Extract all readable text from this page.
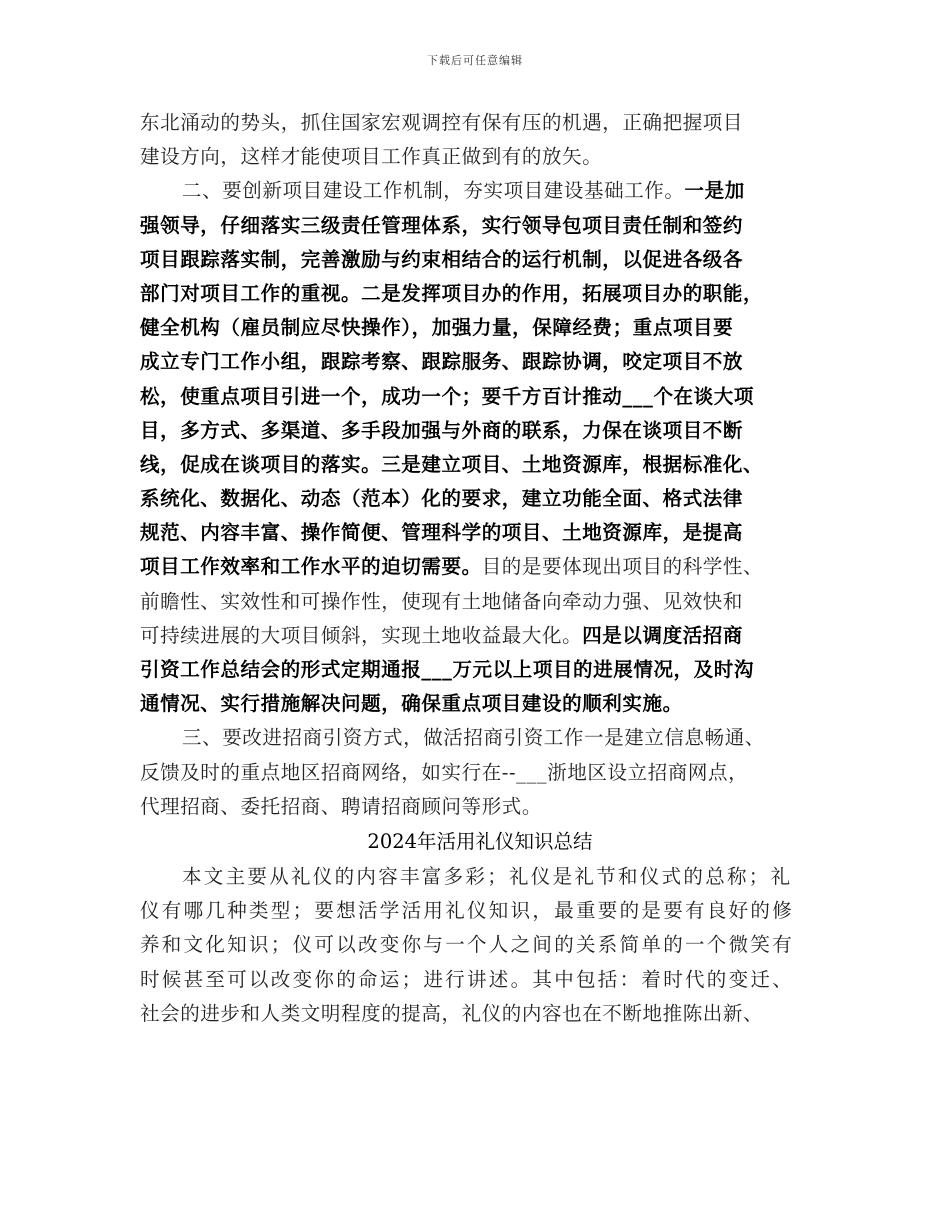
下载后可任意编辑
东北涌动的势头，抓住国家宏观调控有保有压的机遇，正确把握项目
建设方向，这样才能使项目工作真正做到有的放矢。
二、要创新项目建设工作机制，夯实项目建设基础工作。一是加
强领导，仔细落实三级责任管理体系，实行领导包项目责任制和签约
项目跟踪落实制，完善激励与约束相结合的运行机制，以促进各级各
部门对项目工作的重视。二是发挥项目办的作用，拓展项目办的职能，
健全机构（雇员制应尽快操作），加强力量，保障经费；重点项目要
成立专门工作小组，跟踪考察、跟踪服务、跟踪协调，咬定项目不放
松，使重点项目引进一个，成功一个；要千方百计推动___个在谈大项
目，多方式、多渠道、多手段加强与外商的联系，力保在谈项目不断
线，促成在谈项目的落实。三是建立项目、土地资源库，根据标准化、
系统化、数据化、动态（范本）化的要求，建立功能全面、格式法律
规范、内容丰富、操作简便、管理科学的项目、土地资源库，是提高
项目工作效率和工作水平的迫切需要。目的是要体现出项目的科学性、
前瞻性、实效性和可操作性，使现有土地储备向牵动力强、见效快和
可持续进展的大项目倾斜，实现土地收益最大化。四是以调度活招商
引资工作总结会的形式定期通报___万元以上项目的进展情况，及时沟
通情况、实行措施解决问题，确保重点项目建设的顺利实施。
三、要改进招商引资方式，做活招商引资工作一是建立信息畅通、
反馈及时的重点地区招商网络，如实行在--___浙地区设立招商网点，
代理招商、委托招商、聘请招商顾问等形式。
2024年活用礼仪知识总结
本文主要从礼仪的内容丰富多彩；礼仪是礼节和仪式的总称；礼
仪有哪几种类型；要想活学活用礼仪知识，最重要的是要有良好的修
养和文化知识；仪可以改变你与一个人之间的关系简单的一个微笑有
时候甚至可以改变你的命运；进行讲述。其中包括：着时代的变迁、
社会的进步和人类文明程度的提高，礼仪的内容也在不断地推陈出新、
